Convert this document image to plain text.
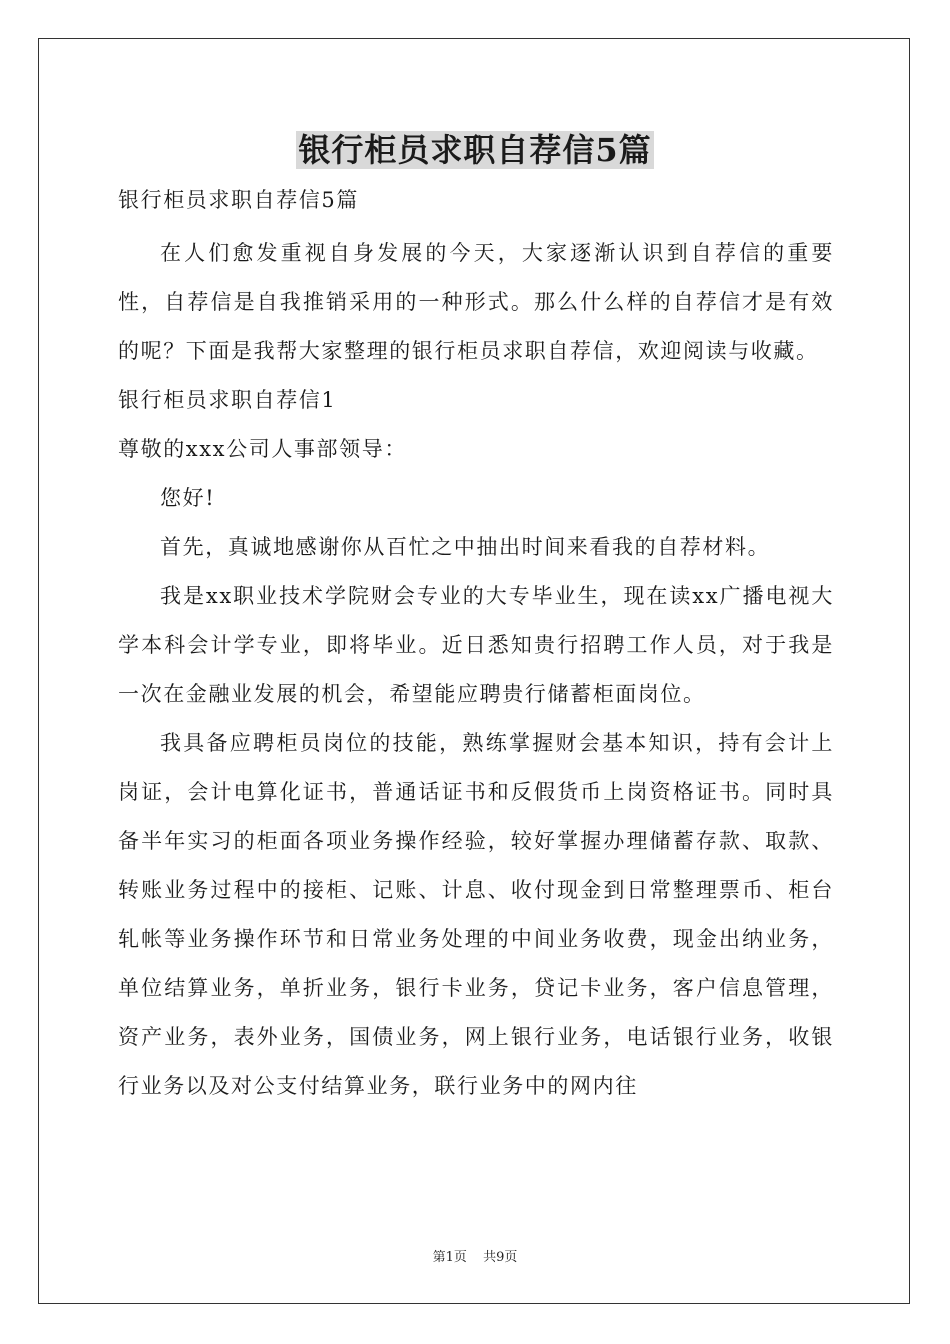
银行柜员求职自荐信5篇

银行柜员求职自荐信5篇

在人们愈发重视自身发展的今天，大家逐渐认识到自荐信的重要性，自荐信是自我推销采用的一种形式。那么什么样的自荐信才是有效的呢？下面是我帮大家整理的银行柜员求职自荐信，欢迎阅读与收藏。

银行柜员求职自荐信1

尊敬的xxx公司人事部领导：

您好!

首先，真诚地感谢你从百忙之中抽出时间来看我的自荐材料。

我是xx职业技术学院财会专业的大专毕业生，现在读xx广播电视大学本科会计学专业，即将毕业。近日悉知贵行招聘工作人员，对于我是一次在金融业发展的机会，希望能应聘贵行储蓄柜面岗位。

我具备应聘柜员岗位的技能，熟练掌握财会基本知识，持有会计上岗证，会计电算化证书，普通话证书和反假货币上岗资格证书。同时具备半年实习的柜面各项业务操作经验，较好掌握办理储蓄存款、取款、转账业务过程中的接柜、记账、计息、收付现金到日常整理票币、柜台轧帐等业务操作环节和日常业务处理的中间业务收费，现金出纳业务，单位结算业务，单折业务，银行卡业务，贷记卡业务，客户信息管理，资产业务，表外业务，国债业务，网上银行业务，电话银行业务，收银行业务以及对公支付结算业务，联行业务中的网内往

第1页 共9页
